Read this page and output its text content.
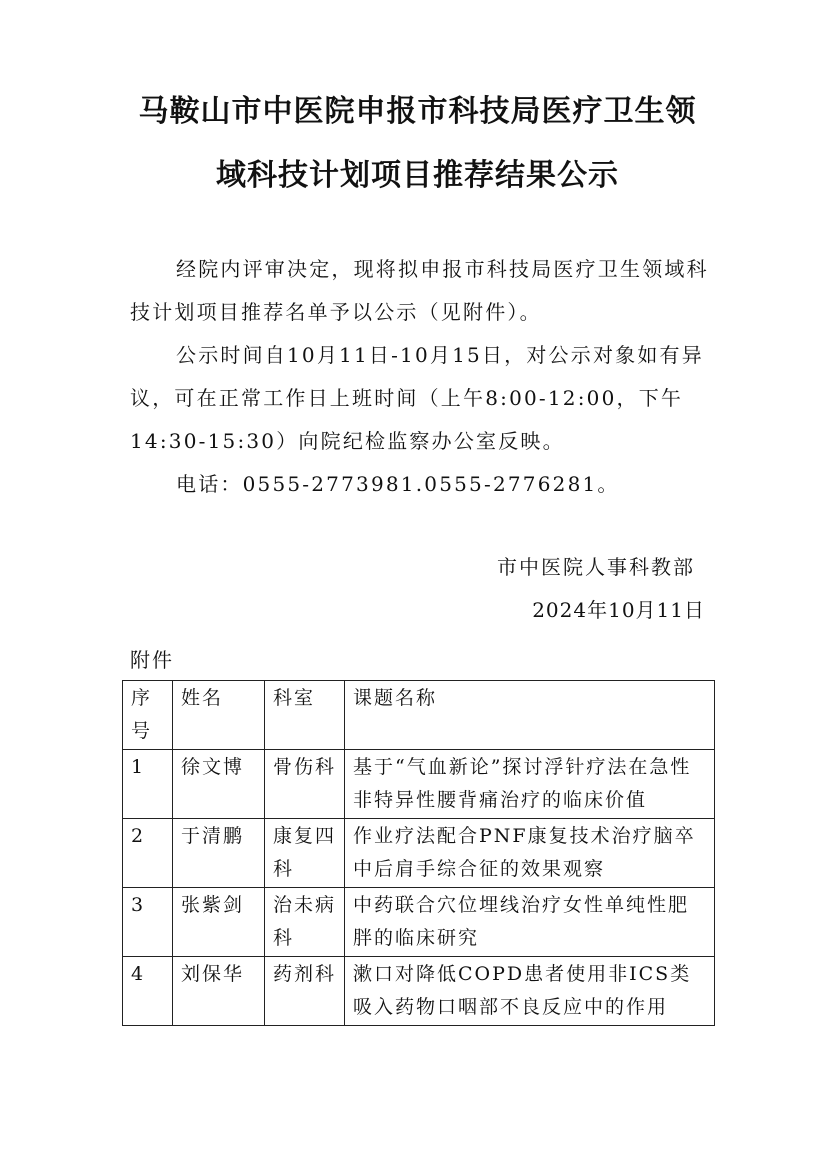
马鞍山市中医院申报市科技局医疗卫生领
域科技计划项目推荐结果公示
经院内评审决定，现将拟申报市科技局医疗卫生领域科技计划项目推荐名单予以公示（见附件）。
公示时间自10月11日-10月15日，对公示对象如有异议，可在正常工作日上班时间（上午8:00-12:00，下午14:30-15:30）向院纪检监察办公室反映。
电话：0555-2773981.0555-2776281。
市中医院人事科教部
2024年10月11日
附件
序号	姓名	科室	课题名称
1	徐文博	骨伤科	基于“气血新论”探讨浮针疗法在急性非特异性腰背痛治疗的临床价值
2	于清鹏	康复四科	作业疗法配合PNF康复技术治疗脑卒中后肩手综合征的效果观察
3	张紫剑	治未病科	中药联合穴位埋线治疗女性单纯性肥胖的临床研究
4	刘保华	药剂科	漱口对降低COPD患者使用非ICS类吸入药物口咽部不良反应中的作用
